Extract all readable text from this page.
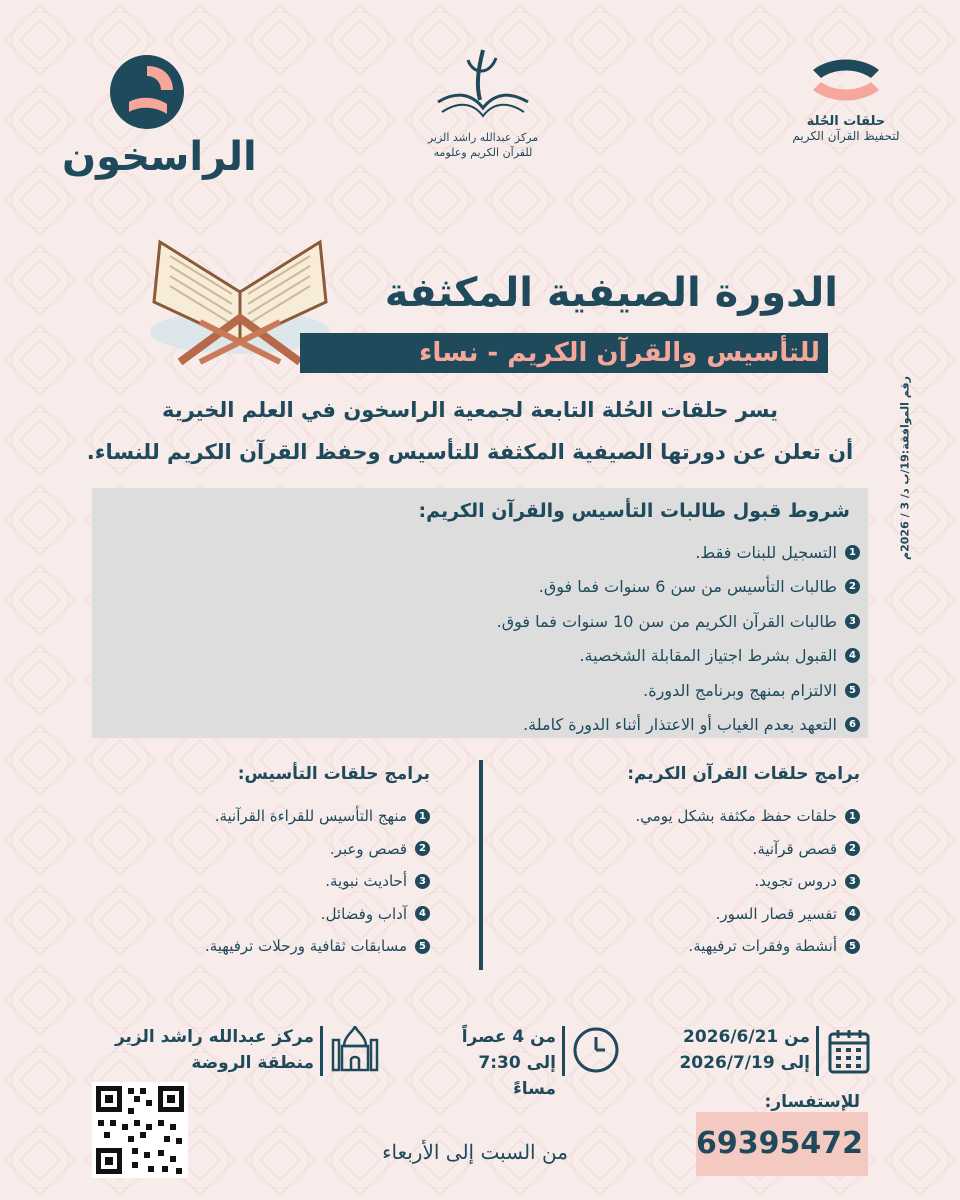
الراسخون	مركز عبدالله راشد الزير
للقرآن الكريم وعلومه
حلقات الحُلة
لتحفيظ القرآن الكريم
الدورة الصيفية المكثفة
للتأسيس والقرآن الكريم - نساء
رقم الموافقة:19/ب د/ 3 / 2026م
يسر حلقات الحُلة التابعة لجمعية الراسخون في العلم الخيرية
أن تعلن عن دورتها الصيفية المكثفة للتأسيس وحفظ القرآن الكريم للنساء.
شروط قبول طالبات التأسيس والقرآن الكريم:
1
التسجيل للبنات فقط.
2
طالبات التأسيس من سن 6 سنوات فما فوق.
3
طالبات القرآن الكريم من سن 10 سنوات فما فوق.
4
القبول بشرط اجتياز المقابلة الشخصية.
5
الالتزام بمنهج وبرنامج الدورة.
6
التعهد بعدم الغياب أو الاعتذار أثناء الدورة كاملة.
برامج حلقات القرآن الكريم:
1
حلقات حفظ مكثفة بشكل يومي.
2
قصص قرآنية.
3
دروس تجويد.
4
تفسير قصار السور.
5
أنشطة وفقرات ترفيهية.
برامج حلقات التأسيس:
1
منهج التأسيس للقراءة القرآنية.
2
قصص وعبر.
3
أحاديث نبوية.
4
آداب وفضائل.
5
مسابقات ثقافية ورحلات ترفيهية.
من 2026/6/21
إلى 2026/7/19
من 4 عصراً
إلى 7:30 مساءً
مركز عبدالله راشد الزير
منطقة الروضة
للإستفسار:
69395472
من السبت إلى الأربعاء
